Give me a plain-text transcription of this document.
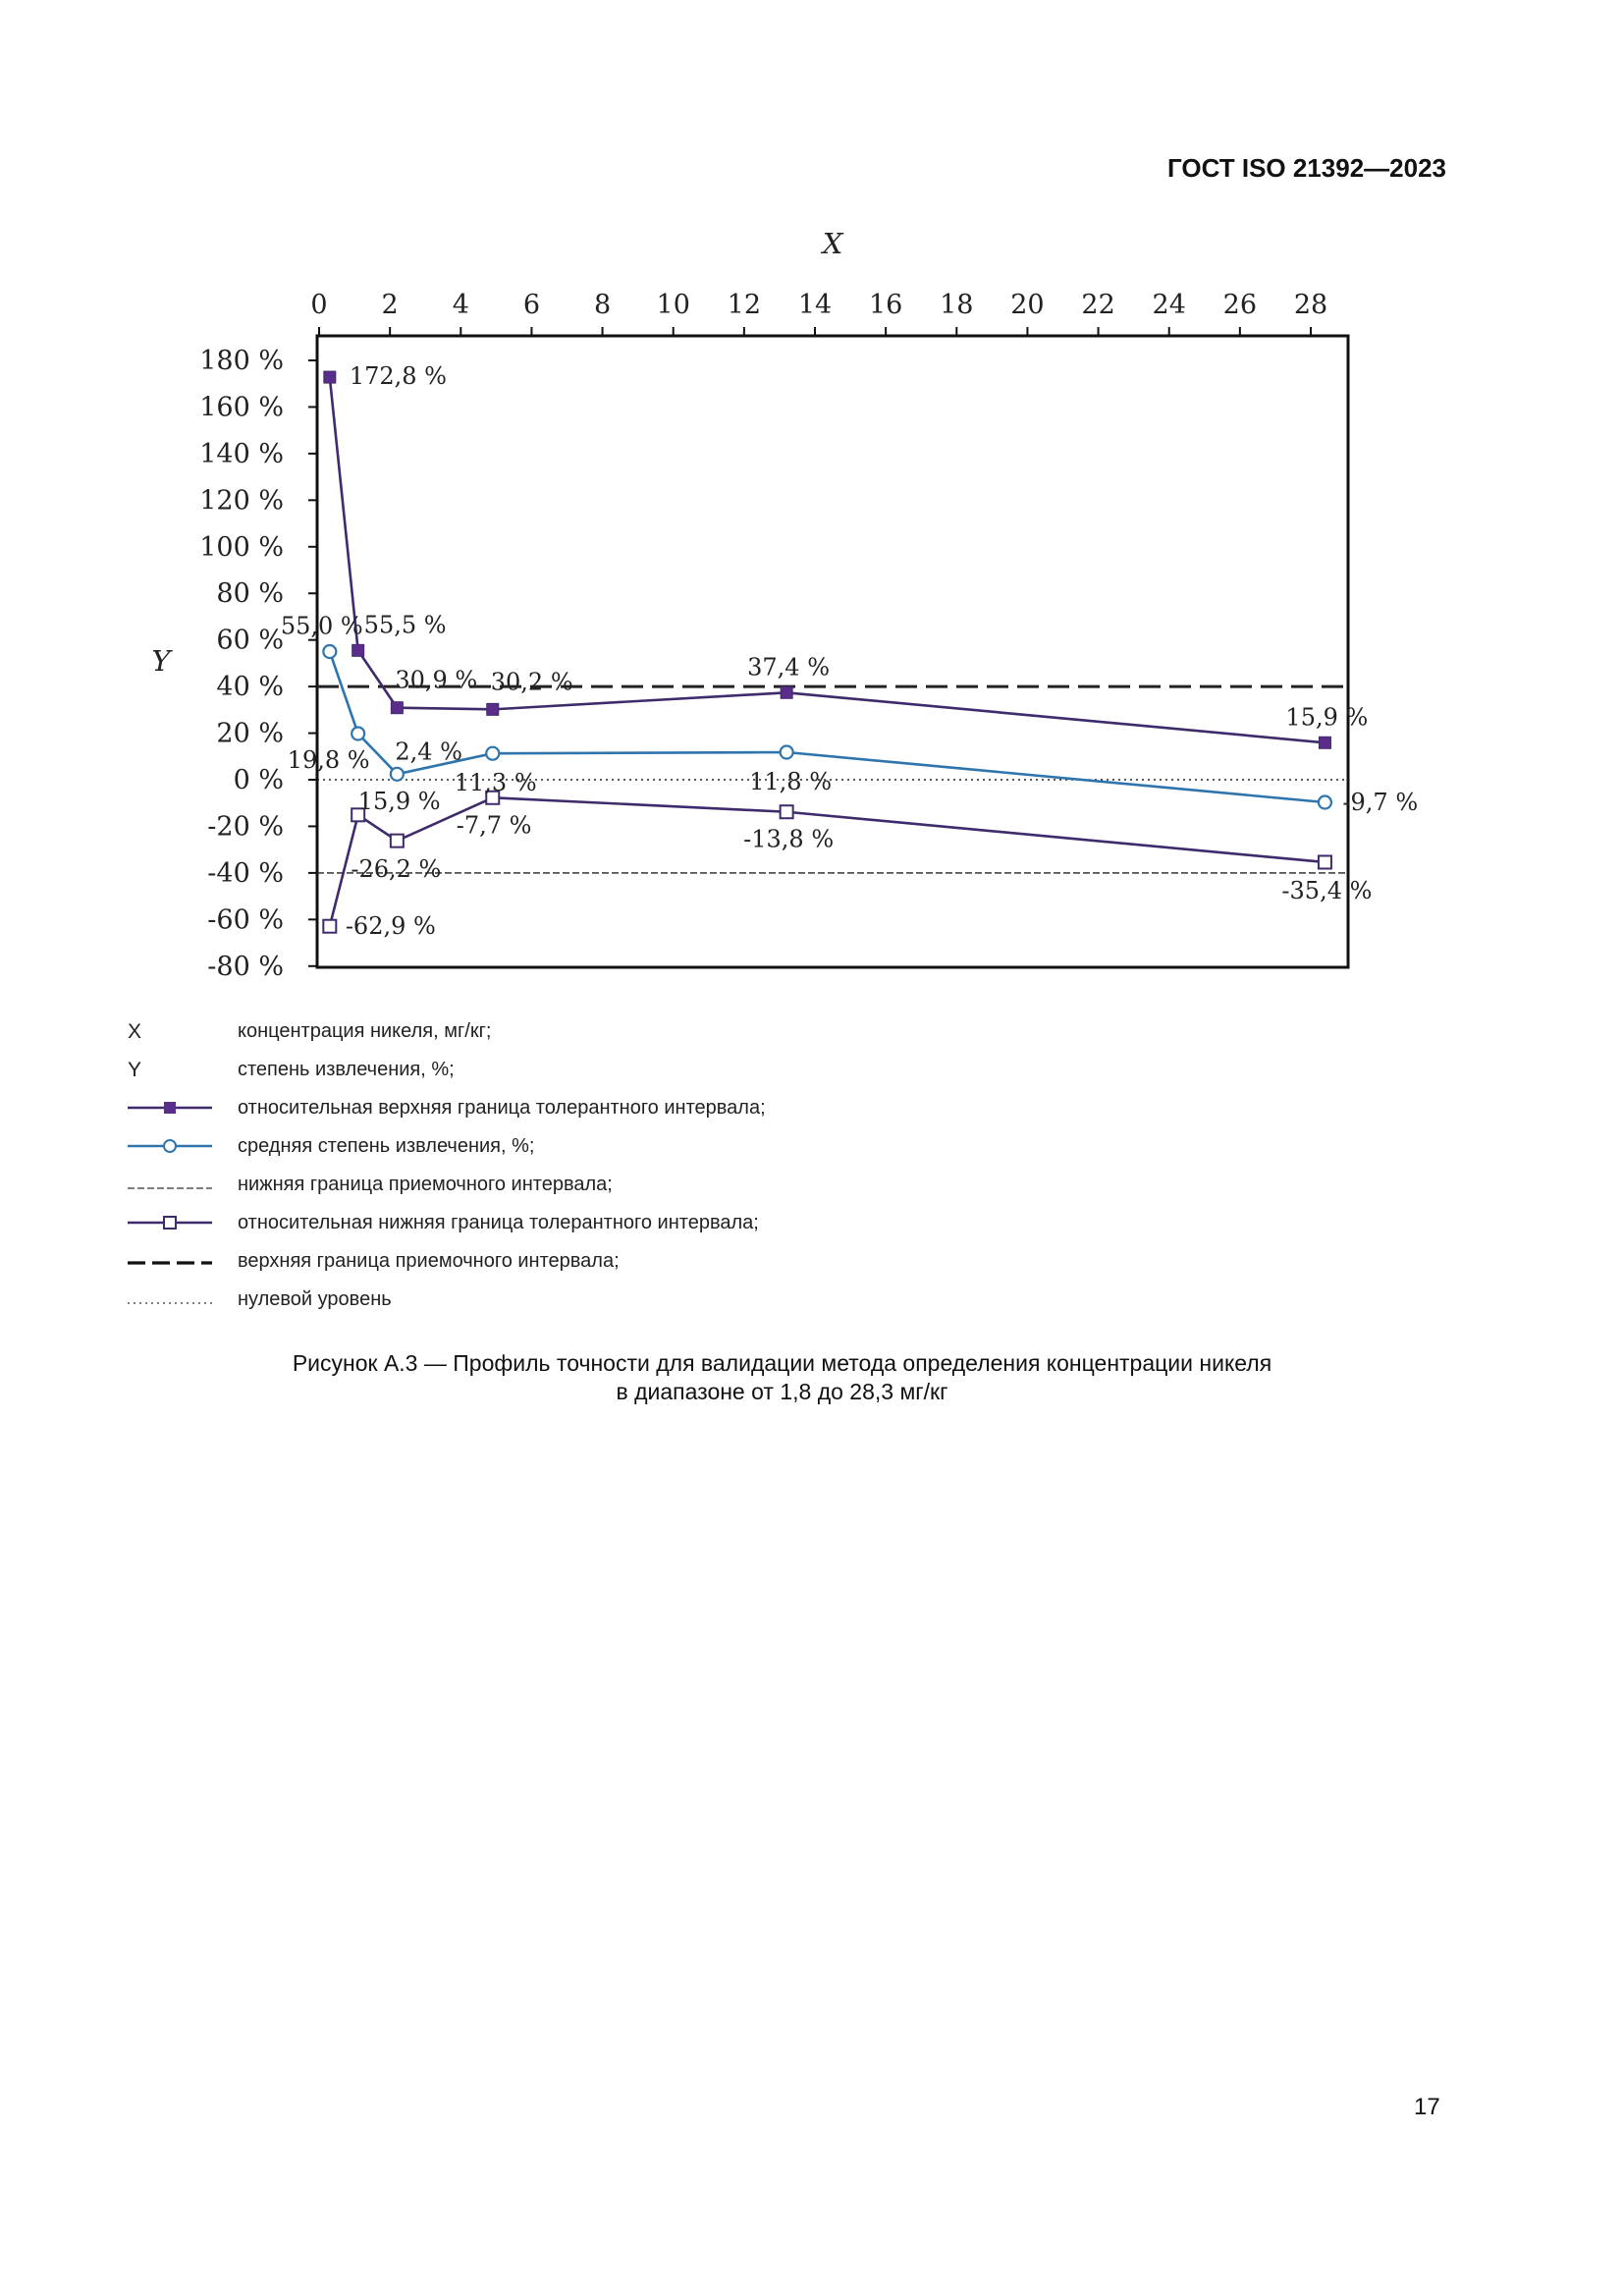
ГОСТ ISO 21392—2023
0 2 4 6 8 10 12 14 16 18 20 22 24 26 28
X
-80 %
-60 %
-40 %
-20 %
0 %
20 %
40 %
60 %
80 %
100 %
120 %
140 %
160 %
180 %
Y
172,8 %
55,5 %
30,9 % 30,2 %
37,4 %
15,9 %
55,0 %
19,8 % 2,4 %
11,3 %	11,8 %
-9,7 %
-62,9 %
15,9 %
-26,2 %
-7,7 %
-13,8 %
-35,4 %
X	концентрация никеля, мг/кг;
Y	степень извлечения, %;
относительная верхняя граница толерантного интервала;
средняя степень извлечения, %;
нижняя граница приемочного интервала;
относительная нижняя граница толерантного интервала;
верхняя граница приемочного интервала;
нулевой уровень
Рисунок А.3 — Профиль точности для валидации метода определения концентрации никеля
в диапазоне от 1,8 до 28,3 мг/кг
17
